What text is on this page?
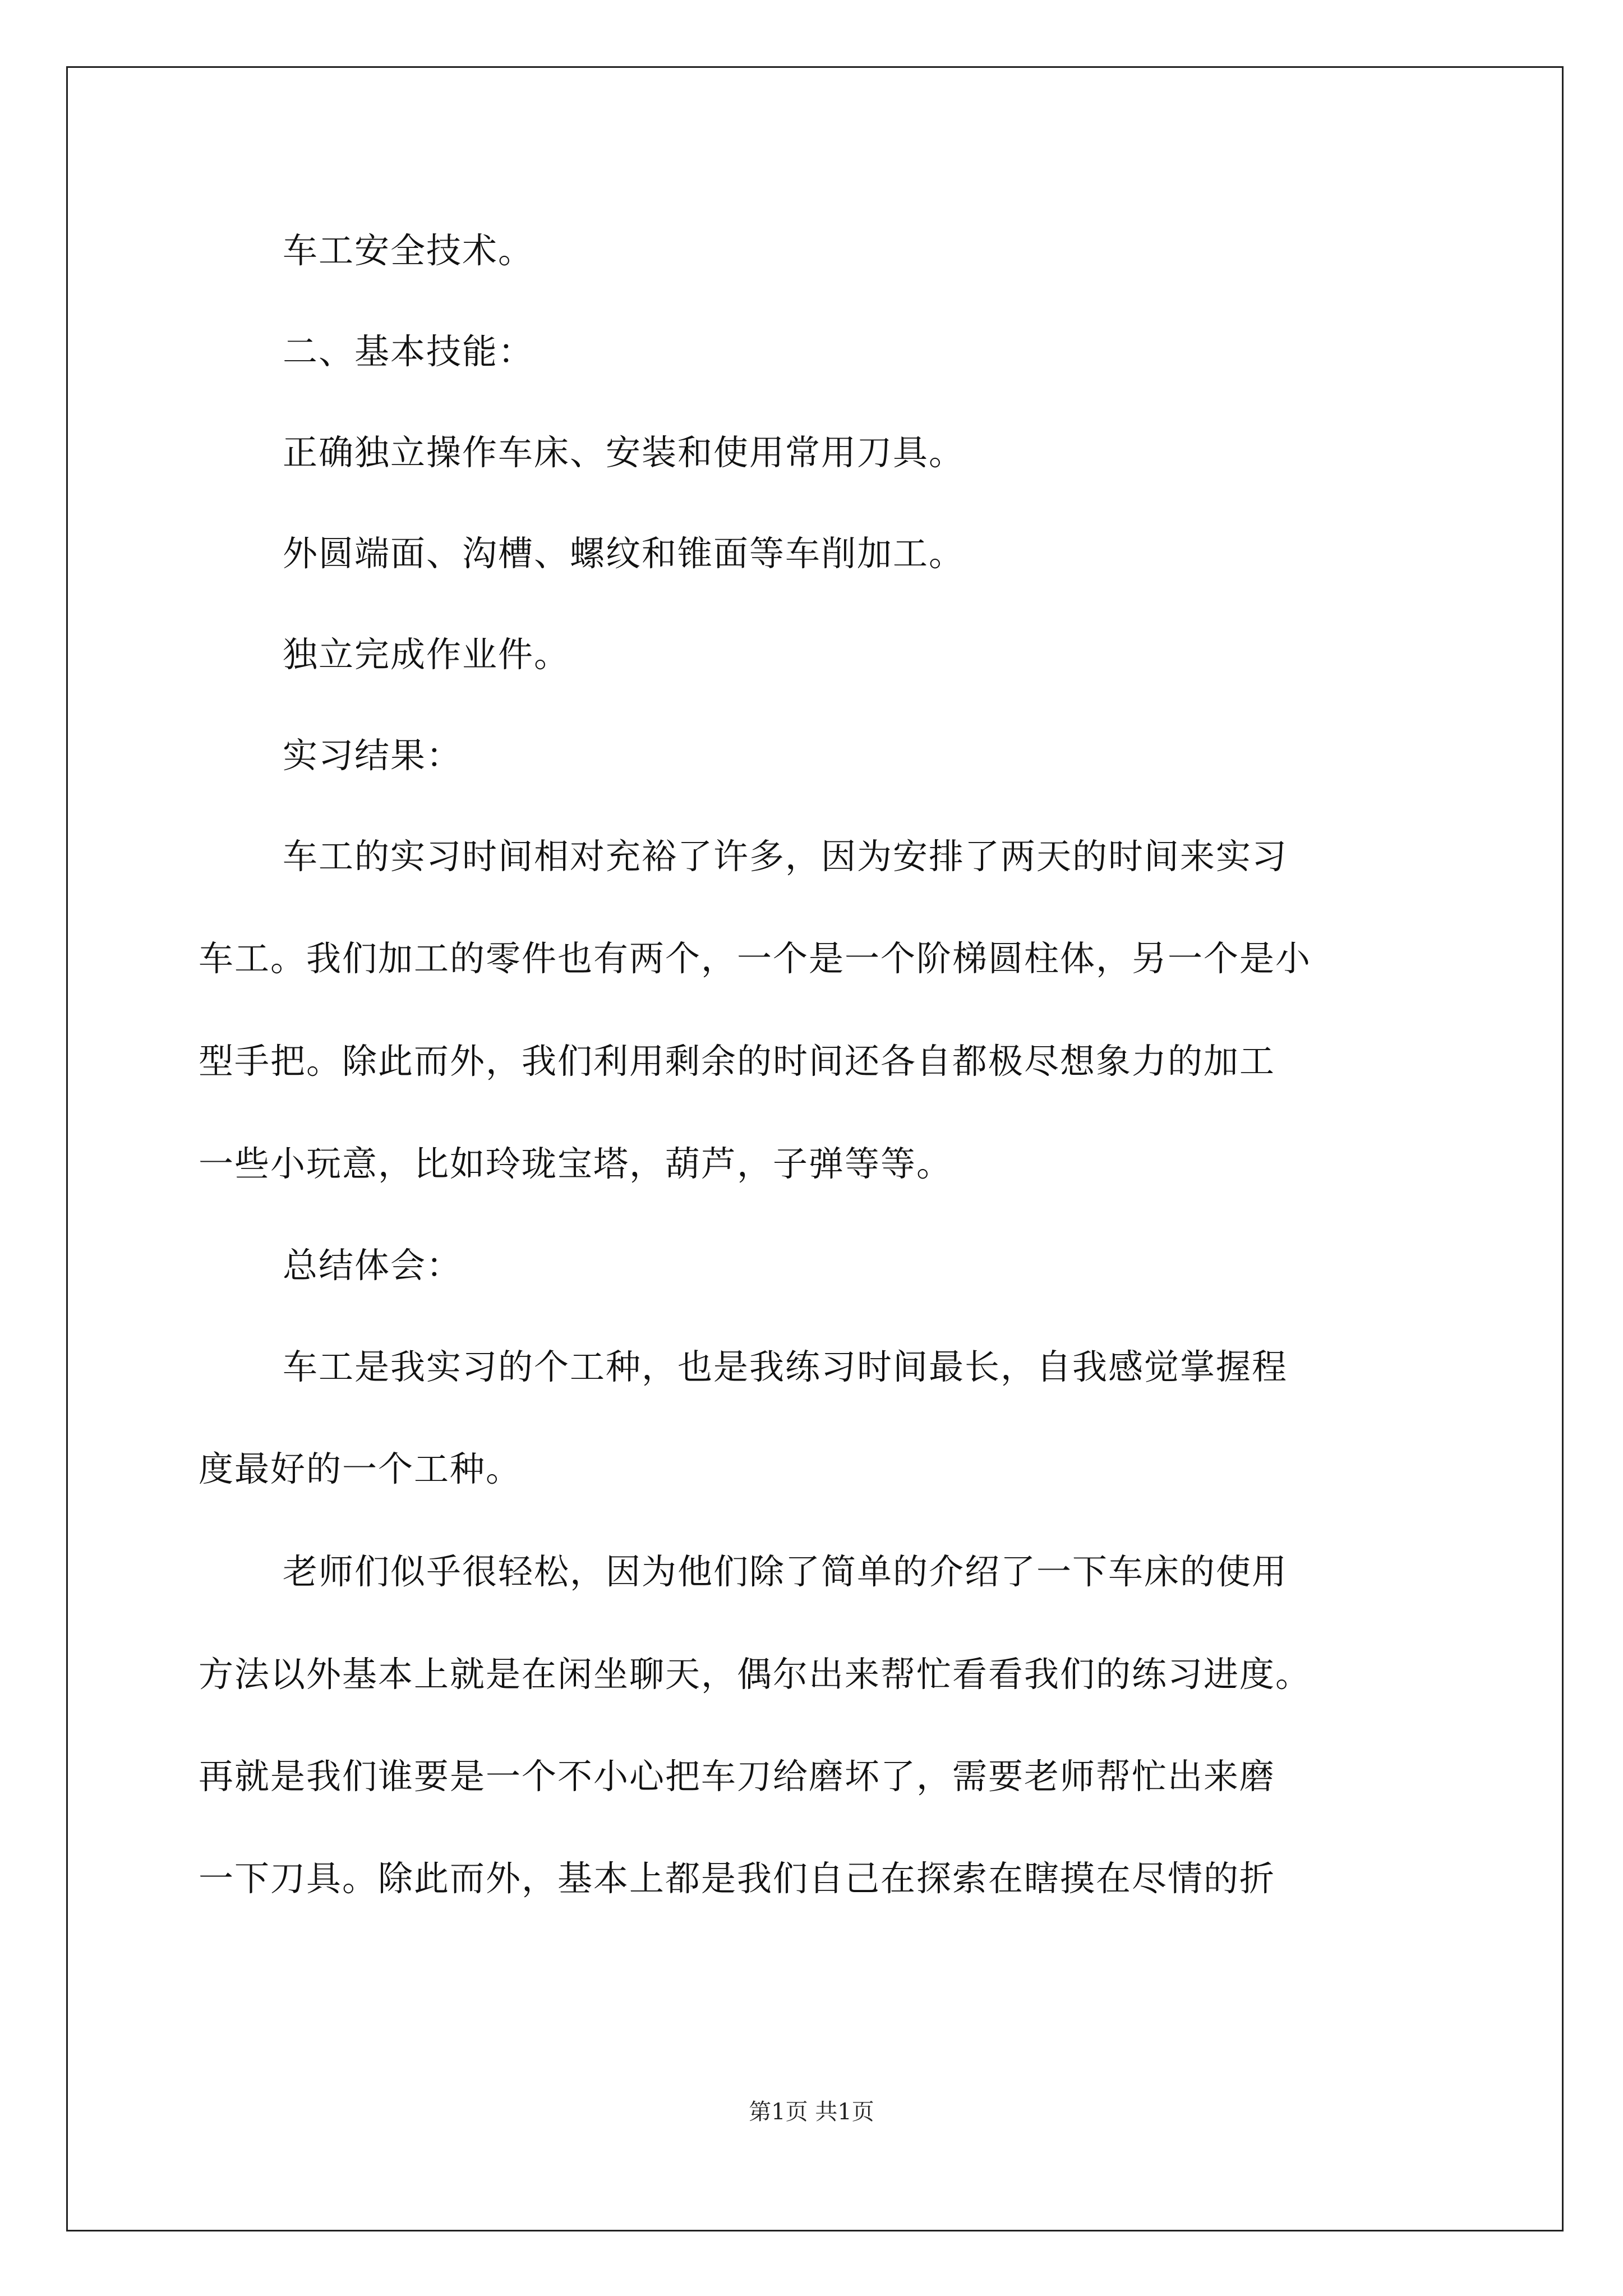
车工安全技术。
二、基本技能：
正确独立操作车床、安装和使用常用刀具。
外圆端面、沟槽、螺纹和锥面等车削加工。
独立完成作业件。
实习结果：
车工的实习时间相对充裕了许多，因为安排了两天的时间来实习
车工。我们加工的零件也有两个，一个是一个阶梯圆柱体，另一个是小
型手把。除此而外，我们利用剩余的时间还各自都极尽想象力的加工
一些小玩意，比如玲珑宝塔，葫芦，子弹等等。
总结体会：
车工是我实习的个工种，也是我练习时间最长，自我感觉掌握程
度最好的一个工种。
老师们似乎很轻松，因为他们除了简单的介绍了一下车床的使用
方法以外基本上就是在闲坐聊天，偶尔出来帮忙看看我们的练习进度。
再就是我们谁要是一个不小心把车刀给磨坏了，需要老师帮忙出来磨
一下刀具。除此而外，基本上都是我们自己在探索在瞎摸在尽情的折
第1页 共1页
